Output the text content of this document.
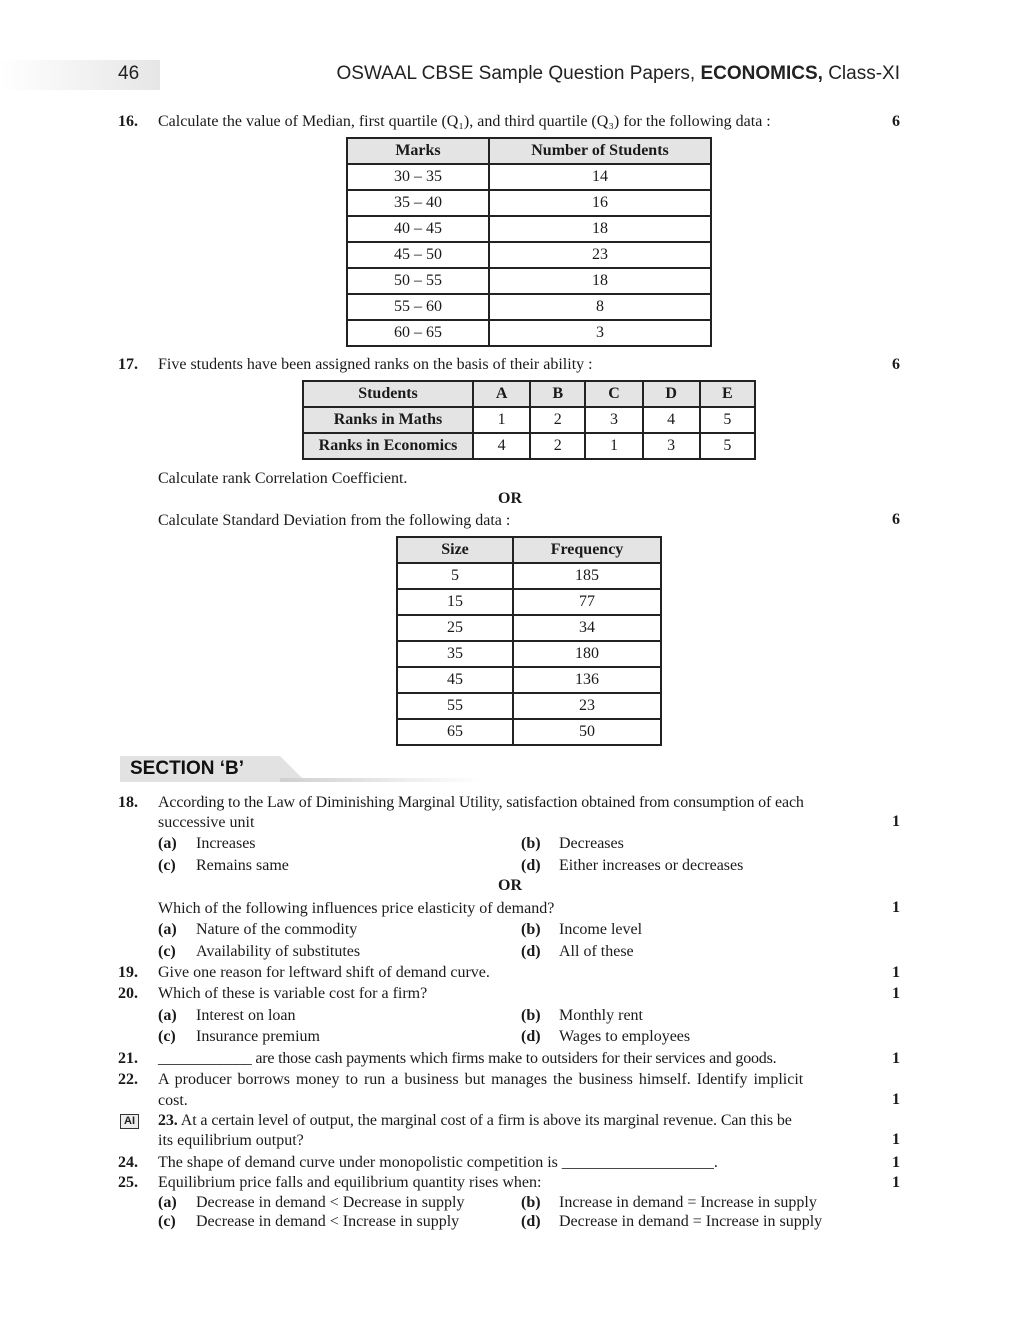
46	OSWAAL CBSE Sample Question Papers, ECONOMICS, Class-XI
16. Calculate the value of Median, first quartile (Q₁), and third quartile (Q₃) for the following data :	6
Marks	Number of Students
30 – 35	14
35 – 40	16
40 – 45	18
45 – 50	23
50 – 55	18
55 – 60	8
60 – 65	3
17. Five students have been assigned ranks on the basis of their ability :	6
Students	A	B	C	D	E
Ranks in Maths	1	2	3	4	5
Ranks in Economics	4	2	1	3	5
Calculate rank Correlation Coefficient.
OR
Calculate Standard Deviation from the following data :	6
Size	Frequency
5	185
15	77
25	34
35	180
45	136
55	23
65	50
SECTION ‘B’
18. According to the Law of Diminishing Marginal Utility, satisfaction obtained from consumption of each
successive unit	1
(a) Increases	(b) Decreases
(c) Remains same	(d) Either increases or decreases
OR
Which of the following influences price elasticity of demand?	1
(a) Nature of the commodity	(b) Income level
(c) Availability of substitutes	(d) All of these
19. Give one reason for leftward shift of demand curve.	1
20. Which of these is variable cost for a firm?	1
(a) Interest on loan	(b) Monthly rent
(c) Insurance premium	(d) Wages to employees
21. ____________ are those cash payments which firms make to outsiders for their services and goods.	1
22. A producer borrows money to run a business but manages the business himself. Identify implicit
cost.	1
AI 23. At a certain level of output, the marginal cost of a firm is above its marginal revenue. Can this be
its equilibrium output?	1
24. The shape of demand curve under monopolistic competition is ___________________.	1
25. Equilibrium price falls and equilibrium quantity rises when:	1
(a) Decrease in demand < Decrease in supply	(b) Increase in demand = Increase in supply
(c) Decrease in demand < Increase in supply	(d) Decrease in demand = Increase in supply
